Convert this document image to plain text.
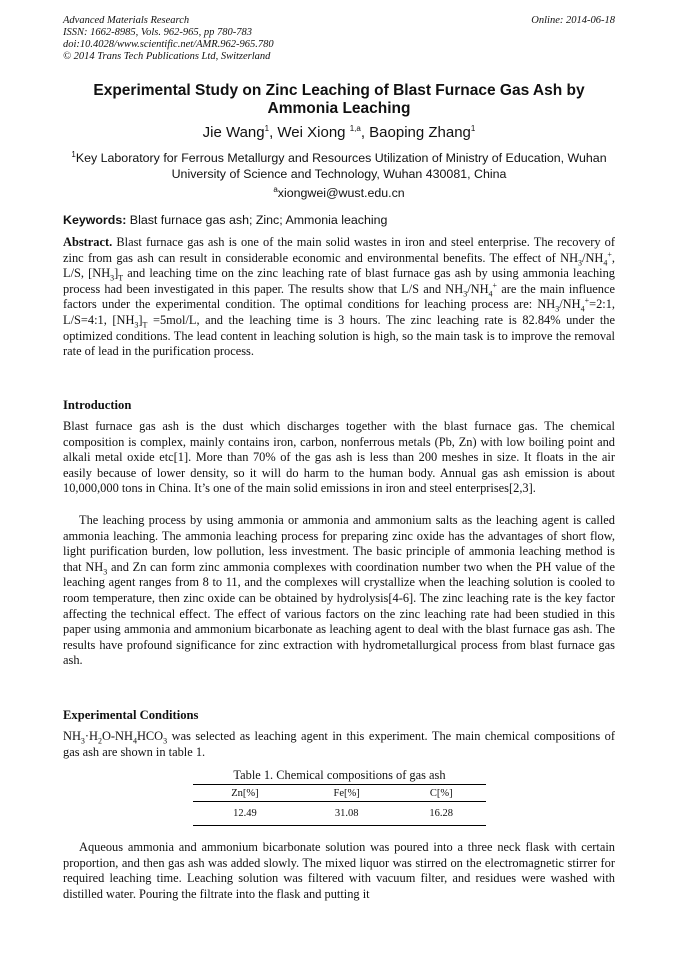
Advanced Materials Research
ISSN: 1662-8985, Vols. 962-965, pp 780-783
doi:10.4028/www.scientific.net/AMR.962-965.780
© 2014 Trans Tech Publications Ltd, Switzerland
Online: 2014-06-18
Experimental Study on Zinc Leaching of Blast Furnace Gas Ash by Ammonia Leaching
Jie Wang$^1$, Wei Xiong $^{1,a}$, Baoping Zhang$^1$
$^1$Key Laboratory for Ferrous Metallurgy and Resources Utilization of Ministry of Education, Wuhan University of Science and Technology, Wuhan 430081, China
$^a$xiongwei@wust.edu.cn
Keywords: Blast furnace gas ash; Zinc; Ammonia leaching

Abstract. Blast furnace gas ash is one of the main solid wastes in iron and steel enterprise. The recovery of zinc from gas ash can result in considerable economic and environmental benefits. The effect of $NH_3/NH_4^+$, L/S, $[NH_3]_T$ and leaching time on the zinc leaching rate of blast furnace gas ash by using ammonia leaching process had been investigated in this paper. The results show that L/S and $NH_3/NH_4^+$ are the main influence factors under the experimental condition. The optimal conditions for leaching process are: $NH_3/NH_4^+=2:1$, L/S=4:1, $[NH_3]_T =5mol/L$, and the leaching time is 3 hours. The zinc leaching rate is 82.84% under the optimized conditions. The lead content in leaching solution is high, so the main task is to improve the removal rate of lead in the purification process.

Introduction

Blast furnace gas ash is the dust which discharges together with the blast furnace gas. The chemical composition is complex, mainly contains iron, carbon, nonferrous metals (Pb, Zn) with low boiling point and alkali metal oxide etc[1]. More than 70% of the gas ash is less than 200 meshes in size. It floats in the air easily because of lower density, so it will do harm to the human body. Annual gas ash emission is about 10,000,000 tons in China. It’s one of the main solid emissions in iron and steel enterprises[2,3].

The leaching process by using ammonia or ammonia and ammonium salts as the leaching agent is called ammonia leaching. The ammonia leaching process for preparing zinc oxide has the advantages of short flow, light purification burden, low pollution, less investment. The basic principle of ammonia leaching method is that $NH_3$ and Zn can form zinc ammonia complexes with coordination number two when the PH value of the leaching agent ranges from 8 to 11, and the complexes will crystallize when the leaching solution is cooled to room temperature, then zinc oxide can be obtained by hydrolysis[4-6]. The zinc leaching rate is the key factor affecting the technical effect. The effect of various factors on the zinc leaching rate had been studied in this paper using ammonia and ammonium bicarbonate as leaching agent to deal with the blast furnace gas ash. The results have profound significance for zinc extraction with hydrometallurgical process from blast furnace gas ash.

Experimental Conditions

$NH_3\cdot H_2O-NH_4HCO_3$ was selected as leaching agent in this experiment. The main chemical compositions of gas ash are shown in table 1.

Table 1. Chemical compositions of gas ash
Zn[%]	Fe[%]	C[%]
12.49	31.08	16.28

Aqueous ammonia and ammonium bicarbonate solution was poured into a three neck flask with certain proportion, and then gas ash was added slowly. The mixed liquor was stirred on the electromagnetic stirrer for required leaching time. Leaching solution was filtered with vacuum filter, and residues were washed with distilled water. Pouring the filtrate into the flask and putting it
